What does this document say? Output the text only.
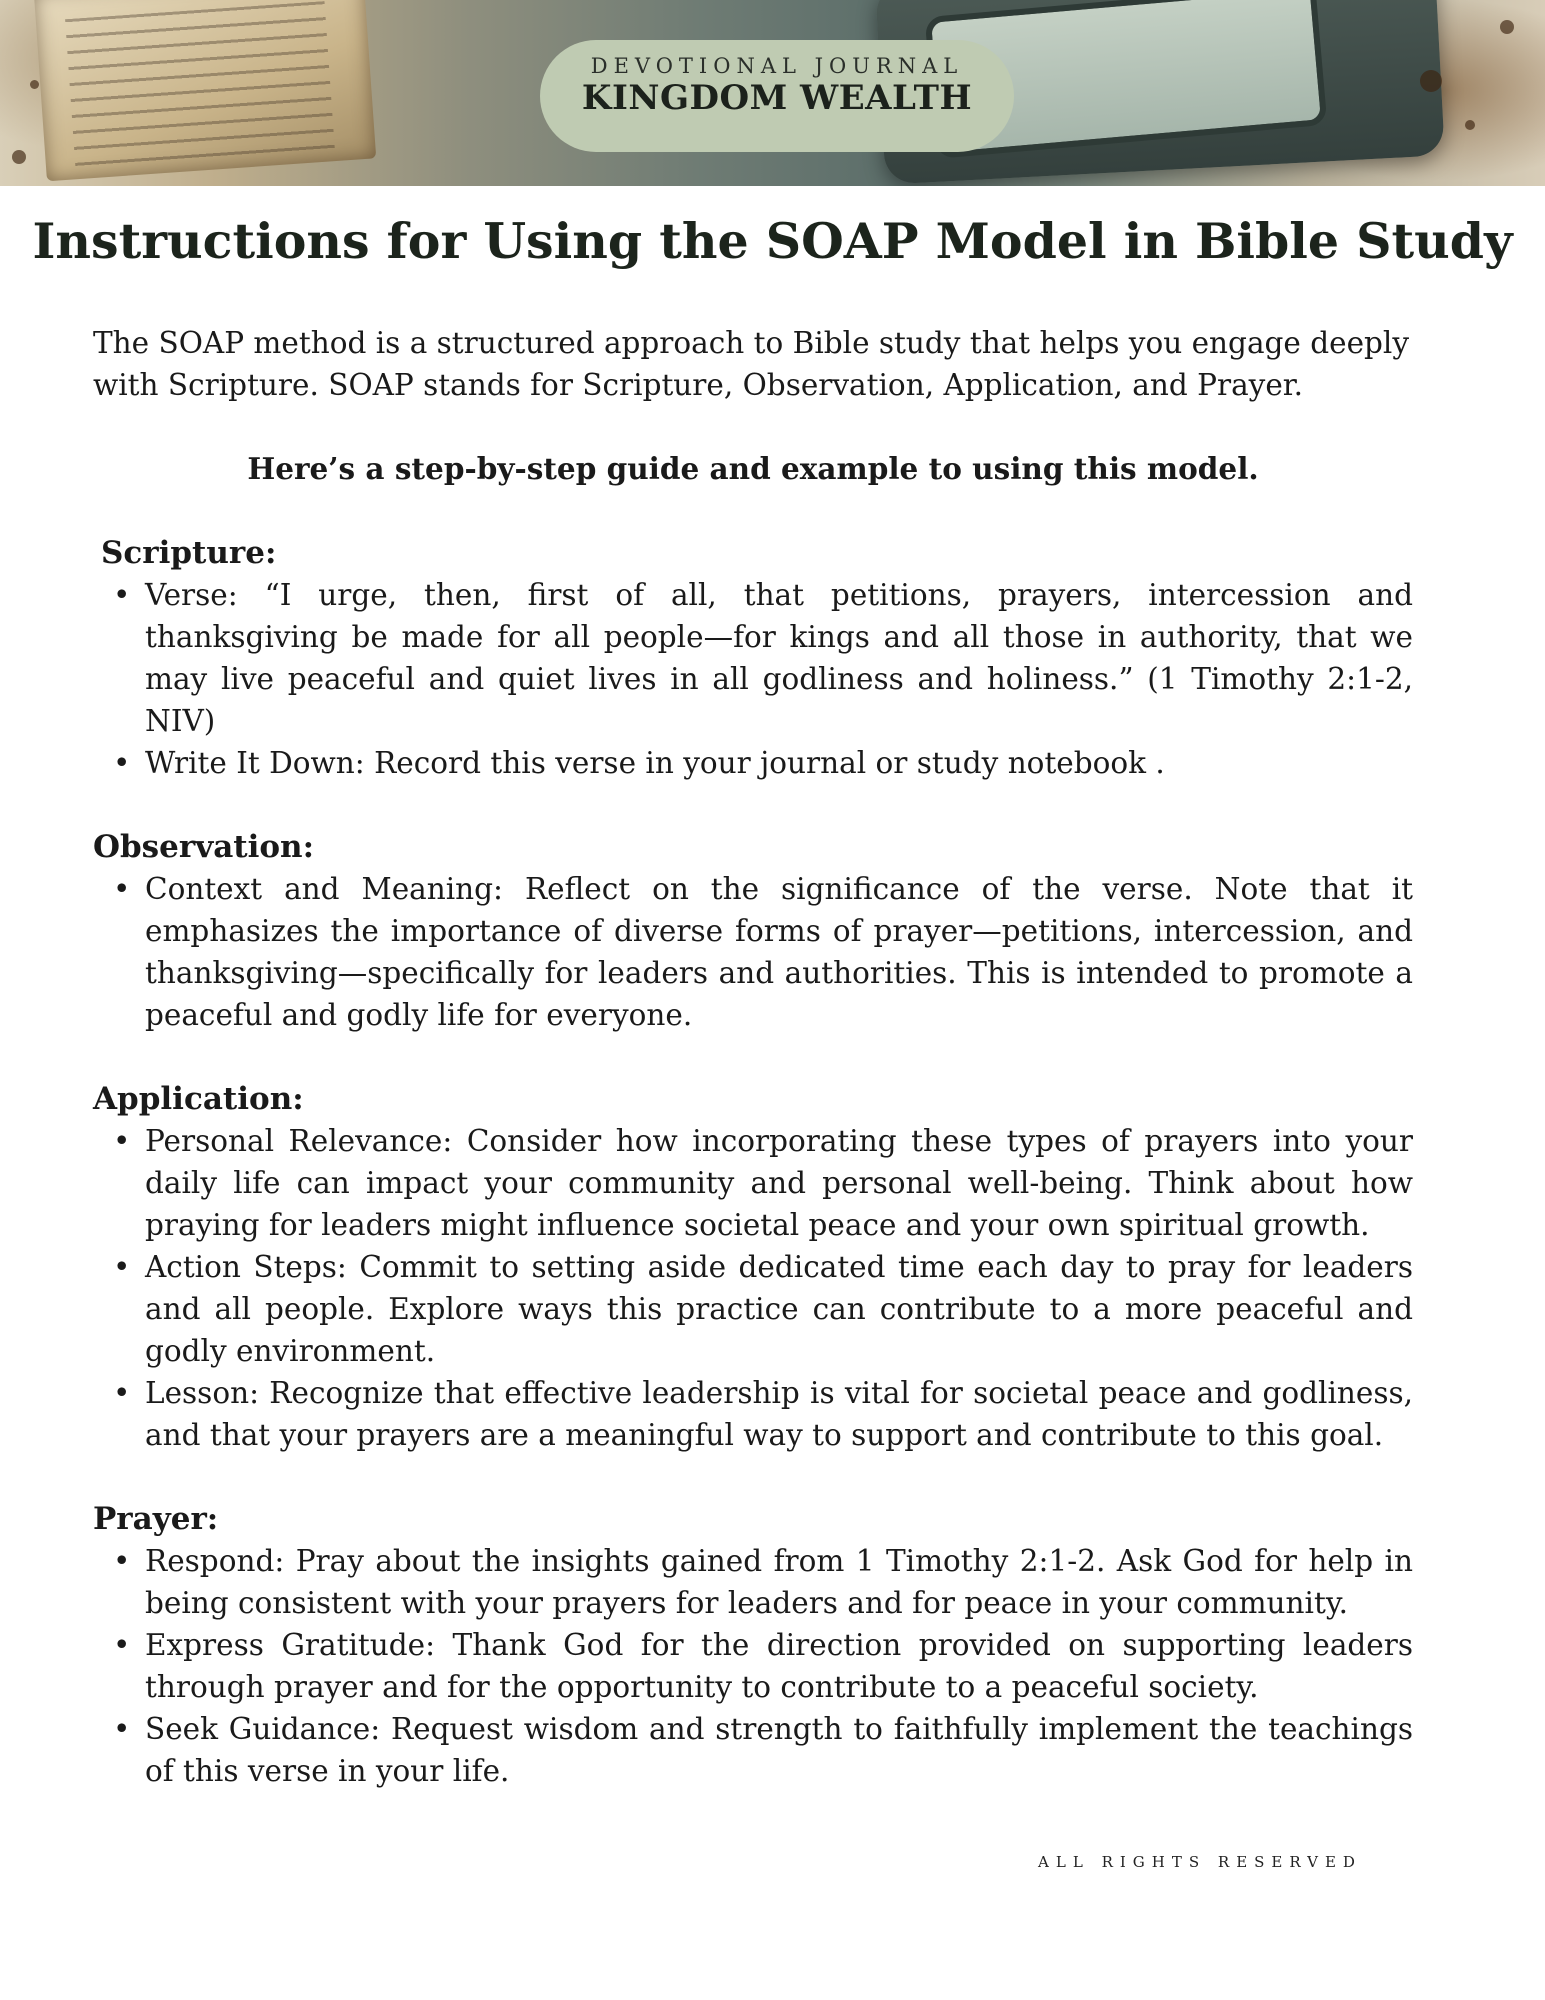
DEVOTIONAL JOURNAL
KINGDOM WEALTH
Instructions for Using the SOAP Model in Bible Study

The SOAP method is a structured approach to Bible study that helps you engage deeply with Scripture. SOAP stands for Scripture, Observation, Application, and Prayer.

Here’s a step-by-step guide and example to using this model.

Scripture:
• Verse: “I urge, then, first of all, that petitions, prayers, intercession and thanksgiving be made for all people—for kings and all those in authority, that we may live peaceful and quiet lives in all godliness and holiness.” (1 Timothy 2:1-2, NIV)
• Write It Down: Record this verse in your journal or study notebook .
Observation:
• Context and Meaning: Reflect on the significance of the verse. Note that it emphasizes the importance of diverse forms of prayer—petitions, intercession, and thanksgiving—specifically for leaders and authorities. This is intended to promote a peaceful and godly life for everyone.
Application:
• Personal Relevance: Consider how incorporating these types of prayers into your daily life can impact your community and personal well-being. Think about how praying for leaders might influence societal peace and your own spiritual growth.
• Action Steps: Commit to setting aside dedicated time each day to pray for leaders and all people. Explore ways this practice can contribute to a more peaceful and godly environment.
• Lesson: Recognize that effective leadership is vital for societal peace and godliness, and that your prayers are a meaningful way to support and contribute to this goal.
Prayer:
• Respond: Pray about the insights gained from 1 Timothy 2:1-2. Ask God for help in being consistent with your prayers for leaders and for peace in your community.
• Express Gratitude: Thank God for the direction provided on supporting leaders through prayer and for the opportunity to contribute to a peaceful society.
• Seek Guidance: Request wisdom and strength to faithfully implement the teachings of this verse in your life.
ALL RIGHTS RESERVED
